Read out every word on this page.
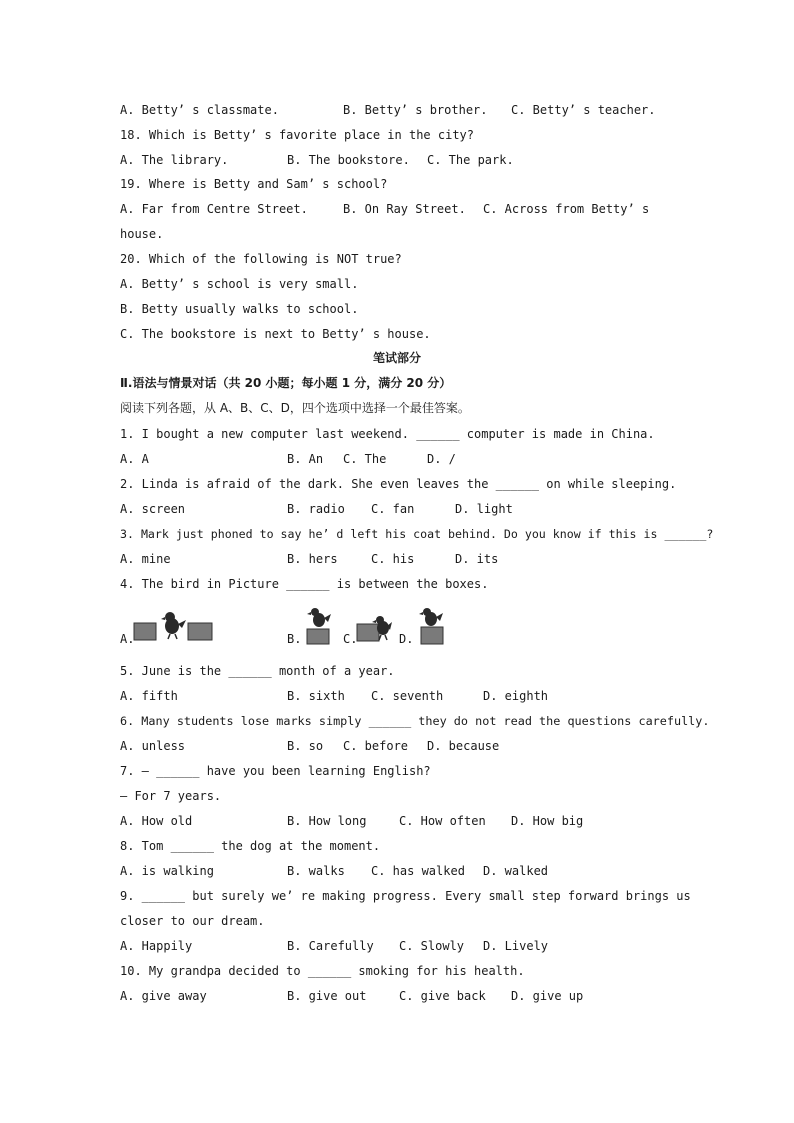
A. Betty’ s classmate.	B. Betty’ s brother. C. Betty’ s teacher.
18. Which is Betty’ s favorite place in the city?
A. The library.	B. The bookstore. C. The park.
19. Where is Betty and Sam’ s school?
A. Far from Centre Street.	B. On Ray Street. C. Across from Betty’ s
house.
20. Which of the following is NOT true?
A. Betty’ s school is very small.
B. Betty usually walks to school.
C. The bookstore is next to Betty’ s house.
笔试部分
Ⅱ.语法与情景对话（共 20 小题；每小题 1 分，满分 20 分）
阅读下列各题，从 A、B、C、D，四个选项中选择一个最佳答案。
1. I bought a new computer last weekend. ______ computer is made in China.
A. A	B. An C. The	D. /
2. Linda is afraid of the dark. She even leaves the ______ on while sleeping.
A. screen	B. radio C. fan	D. light
3. Mark just phoned to say he’ d left his coat behind. Do you know if this is ______?
A. mine	B. hers	C. his	D. its
4. The bird in Picture ______ is between the boxes.
A.	B.	C.	D.
5. June is the ______ month of a year.
A. fifth	B. sixth C. seventh	D. eighth
6. Many students lose marks simply ______ they do not read the questions carefully.
A. unless	B. so C. before D. because
7. — ______ have you been learning English?
— For 7 years.
A. How old	B. How long	C. How often D. How big
8. Tom ______ the dog at the moment.
A. is walking	B. walks C. has walked D. walked
9. ______ but surely we’ re making progress. Every small step forward brings us
closer to our dream.
A. Happily	B. Carefully C. Slowly D. Lively
10. My grandpa decided to ______ smoking for his health.
A. give away	B. give out	C. give back D. give up
